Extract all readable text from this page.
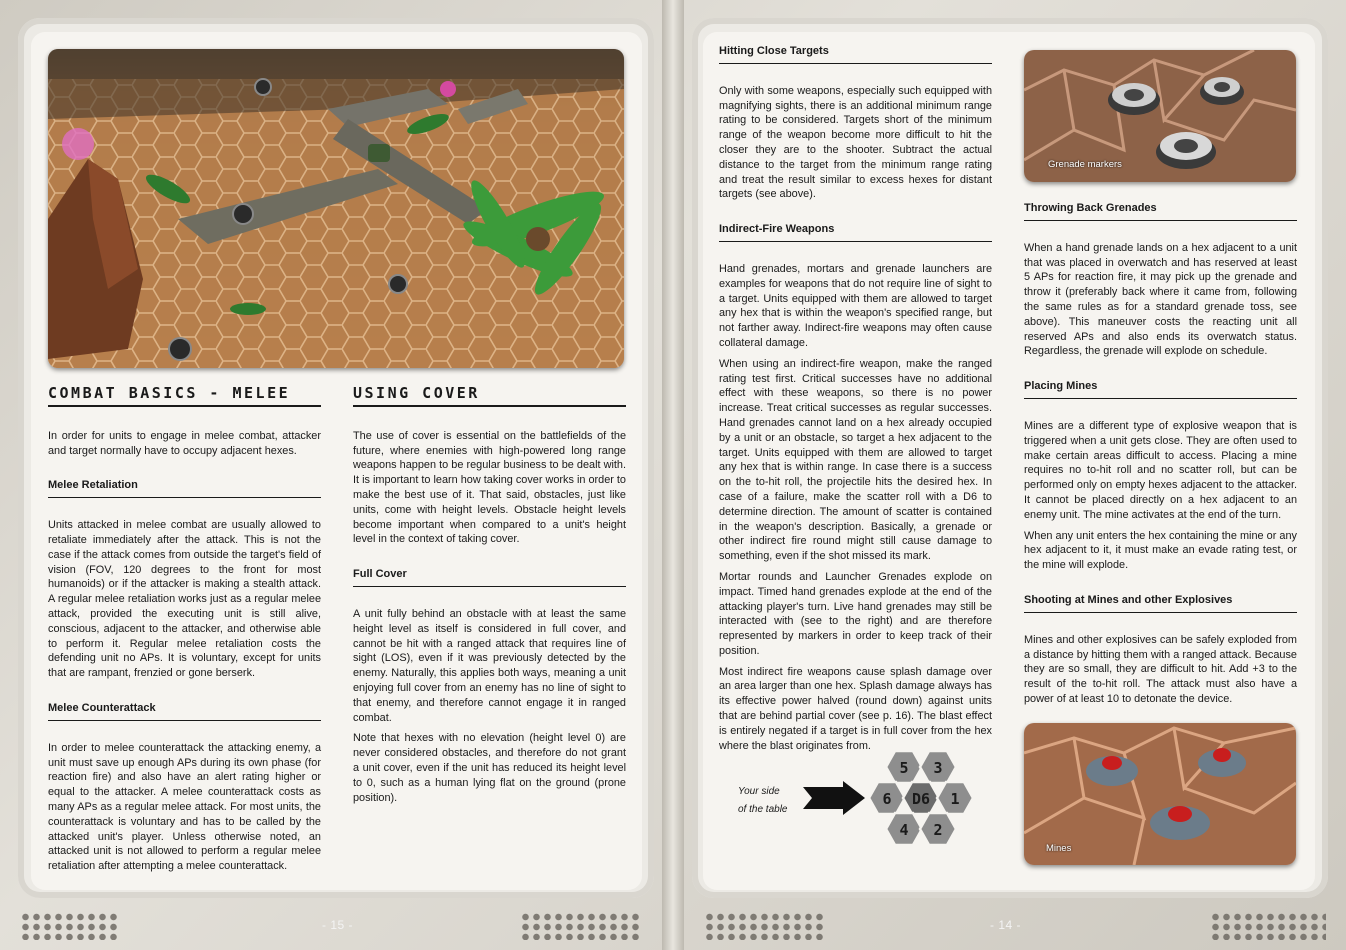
COMBAT BASICS - MELEE

In order for units to engage in melee combat, attacker and target normally have to occupy adjacent hexes.

Melee Retaliation

Units attacked in melee combat are usually allowed to retaliate immediately after the attack. This is not the case if the attack comes from outside the target's field of vision (FOV, 120 degrees to the front for most humanoids) or if the attacker is making a stealth attack. A regular melee retaliation works just as a regular melee attack, provided the executing unit is still alive, conscious, adjacent to the attacker, and otherwise able to perform it. Regular melee retaliation costs the defending unit no APs. It is voluntary, except for units that are rampant, frenzied or gone berserk.

Melee Counterattack

In order to melee counterattack the attacking enemy, a unit must save up enough APs during its own phase (for reaction fire) and also have an alert rating higher or equal to the attacker. A melee counterattack costs as many APs as a regular melee attack. For most units, the counterattack is voluntary and has to be called by the attacked unit's player. Unless otherwise noted, an attacked unit is not allowed to perform a regular melee retaliation after attempting a melee counterattack.

USING COVER

The use of cover is essential on the battlefields of the future, where enemies with high-powered long range weapons happen to be regular business to be dealt with. It is important to learn how taking cover works in order to make the best use of it. That said, obstacles, just like units, come with height levels. Obstacle height levels become important when compared to a unit's height level in the context of taking cover.

Full Cover

A unit fully behind an obstacle with at least the same height level as itself is considered in full cover, and cannot be hit with a ranged attack that requires line of sight (LOS), even if it was previously detected by the enemy. Naturally, this applies both ways, meaning a unit enjoying full cover from an enemy has no line of sight to that enemy, and therefore cannot engage it in ranged combat.

Note that hexes with no elevation (height level 0) are never considered obstacles, and therefore do not grant a unit cover, even if the unit has reduced its height level to 0, such as a human lying flat on the ground (prone position).

Hitting Close Targets

Only with some weapons, especially such equipped with magnifying sights, there is an additional minimum range rating to be considered. Targets short of the minimum range of the weapon become more difficult to hit the closer they are to the shooter. Subtract the actual distance to the target from the minimum range rating and treat the result similar to excess hexes for distant targets (see above).

Indirect-Fire Weapons

Hand grenades, mortars and grenade launchers are examples for weapons that do not require line of sight to a target. Units equipped with them are allowed to target any hex that is within the weapon's specified range, but not farther away. Indirect-fire weapons may often cause collateral damage.

When using an indirect-fire weapon, make the ranged rating test first. Critical successes have no additional effect with these weapons, so there is no power increase. Treat critical successes as regular successes. Hand grenades cannot land on a hex already occupied by a unit or an obstacle, so target a hex adjacent to the target. Units equipped with them are allowed to target any hex that is within range. In case there is a success on the to-hit roll, the projectile hits the desired hex. In case of a failure, make the scatter roll with a D6 to determine direction. The amount of scatter is contained in the weapon's description. Basically, a grenade or other indirect fire round might still cause damage to something, even if the shot missed its mark.

Mortar rounds and Launcher Grenades explode on impact. Timed hand grenades explode at the end of the attacking player's turn. Live hand grenades may still be interacted with (see to the right) and are therefore represented by markers in order to keep track of their position.

Most indirect fire weapons cause splash damage over an area larger than one hex. Splash damage always has its effective power halved (round down) against units that are behind partial cover (see p. 16). The blast effect is entirely negated if a target is in full cover from the hex where the blast originates from.

Your side
of the table
5 3
6 D6 1
4 2
Grenade markers
Throwing Back Grenades

When a hand grenade lands on a hex adjacent to a unit that was placed in overwatch and has reserved at least 5 APs for reaction fire, it may pick up the grenade and throw it (preferably back where it came from, following the same rules as for a standard grenade toss, see above). This maneuver costs the reacting unit all reserved APs and also ends its overwatch status. Regardless, the grenade will explode on schedule.

Placing Mines

Mines are a different type of explosive weapon that is triggered when a unit gets close. They are often used to make certain areas difficult to access. Placing a mine requires no to-hit roll and no scatter roll, but can be performed only on empty hexes adjacent to the attacker. It cannot be placed directly on a hex adjacent to an enemy unit. The mine activates at the end of the turn.

When any unit enters the hex containing the mine or any hex adjacent to it, it must make an evade rating test, or the mine will explode.

Shooting at Mines and other Explosives

Mines and other explosives can be safely exploded from a distance by hitting them with a ranged attack. Because they are so small, they are difficult to hit. Add +3 to the result of the to-hit roll. The attack must also have a power of at least 10 to detonate the device.

Mines
- 15 -	- 14 -
